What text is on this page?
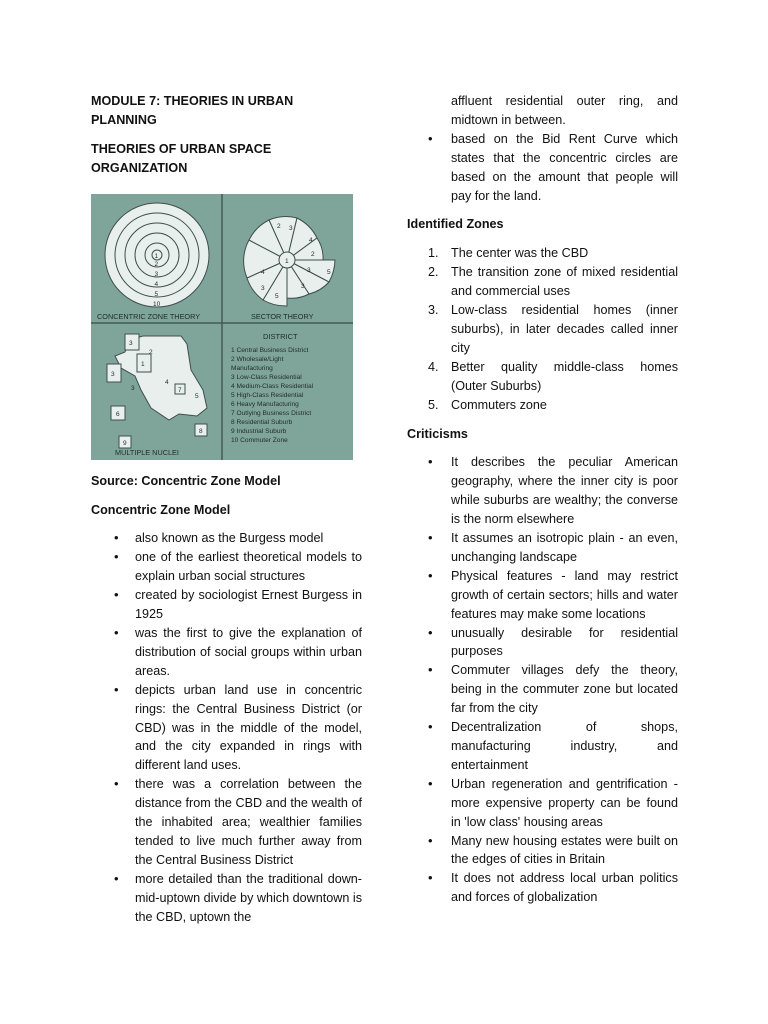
MODULE 7: THEORIES IN URBAN PLANNING

THEORIES OF URBAN SPACE ORGANIZATION

1
2
3
4
5
10
CONCENTRIC ZONE THEORY
2 3
4
1
2
3	5
3
4
3
5
SECTOR THEORY
3
1
2
3
3
4
7
5
6
8
9
MULTIPLE NUCLEI
DISTRICT
1 Central Business District
2 Wholesale/Light
Manufacturing
3 Low-Class Residential
4 Medium-Class Residential
5 High-Class Residential
6 Heavy Manufacturing
7 Outlying Business District
8 Residential Suburb
9 Industrial Suburb
10 Commuter Zone

Source: Concentric Zone Model

Concentric Zone Model

• also known as the Burgess model
• one of the earliest theoretical models to explain urban social structures
• created by sociologist Ernest Burgess in 1925
• was the first to give the explanation of distribution of social groups within urban areas.
• depicts urban land use in concentric rings: the Central Business District (or CBD) was in the middle of the model, and the city expanded in rings with different land uses.
• there was a correlation between the distance from the CBD and the wealth of the inhabited area; wealthier families tended to live much further away from the Central Business District
• more detailed than the traditional down-mid-uptown divide by which downtown is the CBD, uptown the

affluent residential outer ring, and midtown in between.

• based on the Bid Rent Curve which states that the concentric circles are based on the amount that people will pay for the land.

Identified Zones

1. The center was the CBD
2. The transition zone of mixed residential and commercial uses
3. Low-class residential homes (inner suburbs), in later decades called inner city
4. Better quality middle-class homes (Outer Suburbs)
5. Commuters zone

Criticisms

• It describes the peculiar American geography, where the inner city is poor while suburbs are wealthy; the converse is the norm elsewhere
• It assumes an isotropic plain - an even, unchanging landscape
• Physical features - land may restrict growth of certain sectors; hills and water features may make some locations
• unusually desirable for residential purposes
• Commuter villages defy the theory, being in the commuter zone but located far from the city
• Decentralization of shops, manufacturing industry, and entertainment
• Urban regeneration and gentrification - more expensive property can be found in 'low class' housing areas
• Many new housing estates were built on the edges of cities in Britain
• It does not address local urban politics and forces of globalization
